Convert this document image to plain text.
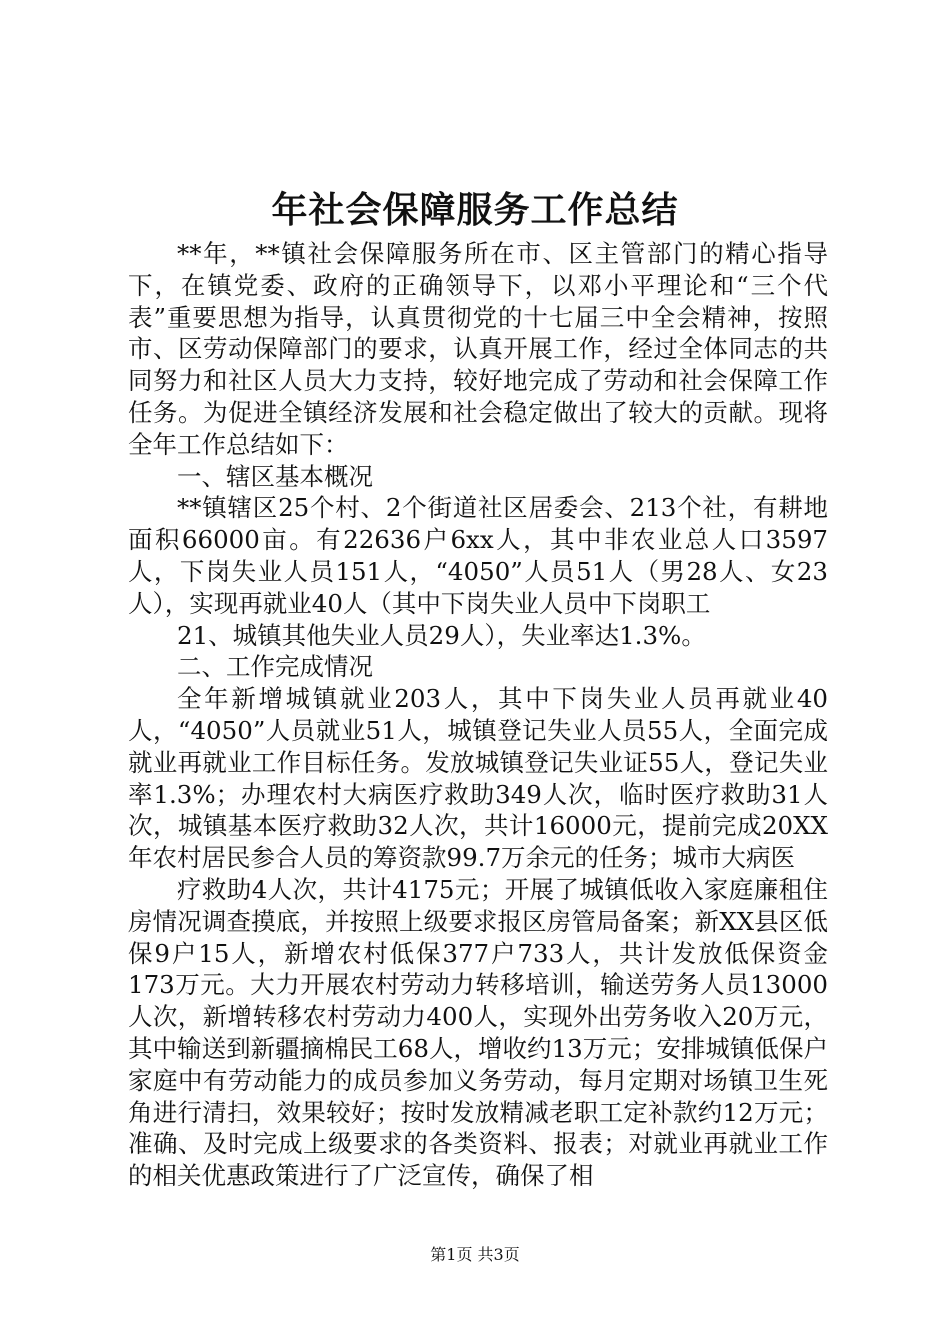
年社会保障服务工作总结

**年，**镇社会保障服务所在市、区主管部门的精心指导下，在镇党委、政府的正确领导下，以邓小平理论和“三个代表”重要思想为指导，认真贯彻党的十七届三中全会精神，按照市、区劳动保障部门的要求，认真开展工作，经过全体同志的共同努力和社区人员大力支持，较好地完成了劳动和社会保障工作任务。为促进全镇经济发展和社会稳定做出了较大的贡献。现将全年工作总结如下：

一、辖区基本概况

**镇辖区25个村、2个街道社区居委会、213个社，有耕地面积66000亩。有22636户6xx人，其中非农业总人口3597人，下岗失业人员151人，“4050”人员51人（男28人、女23人），实现再就业40人（其中下岗失业人员中下岗职工

21、城镇其他失业人员29人），失业率达1.3%。

二、工作完成情况

全年新增城镇就业203人，其中下岗失业人员再就业40人，“4050”人员就业51人，城镇登记失业人员55人，全面完成就业再就业工作目标任务。发放城镇登记失业证55人，登记失业率1.3%；办理农村大病医疗救助349人次，临时医疗救助31人次，城镇基本医疗救助32人次，共计16000元，提前完成20XX年农村居民参合人员的筹资款99.7万余元的任务；城市大病医

疗救助4人次，共计4175元；开展了城镇低收入家庭廉租住房情况调查摸底，并按照上级要求报区房管局备案；新XX县区低保9户15人，新增农村低保377户733人，共计发放低保资金173万元。大力开展农村劳动力转移培训，输送劳务人员13000人次，新增转移农村劳动力400人，实现外出劳务收入20万元，其中输送到新疆摘棉民工68人，增收约13万元；安排城镇低保户家庭中有劳动能力的成员参加义务劳动，每月定期对场镇卫生死角进行清扫，效果较好；按时发放精减老职工定补款约12万元；准确、及时完成上级要求的各类资料、报表；对就业再就业工作的相关优惠政策进行了广泛宣传，确保了相

第1页 共3页
